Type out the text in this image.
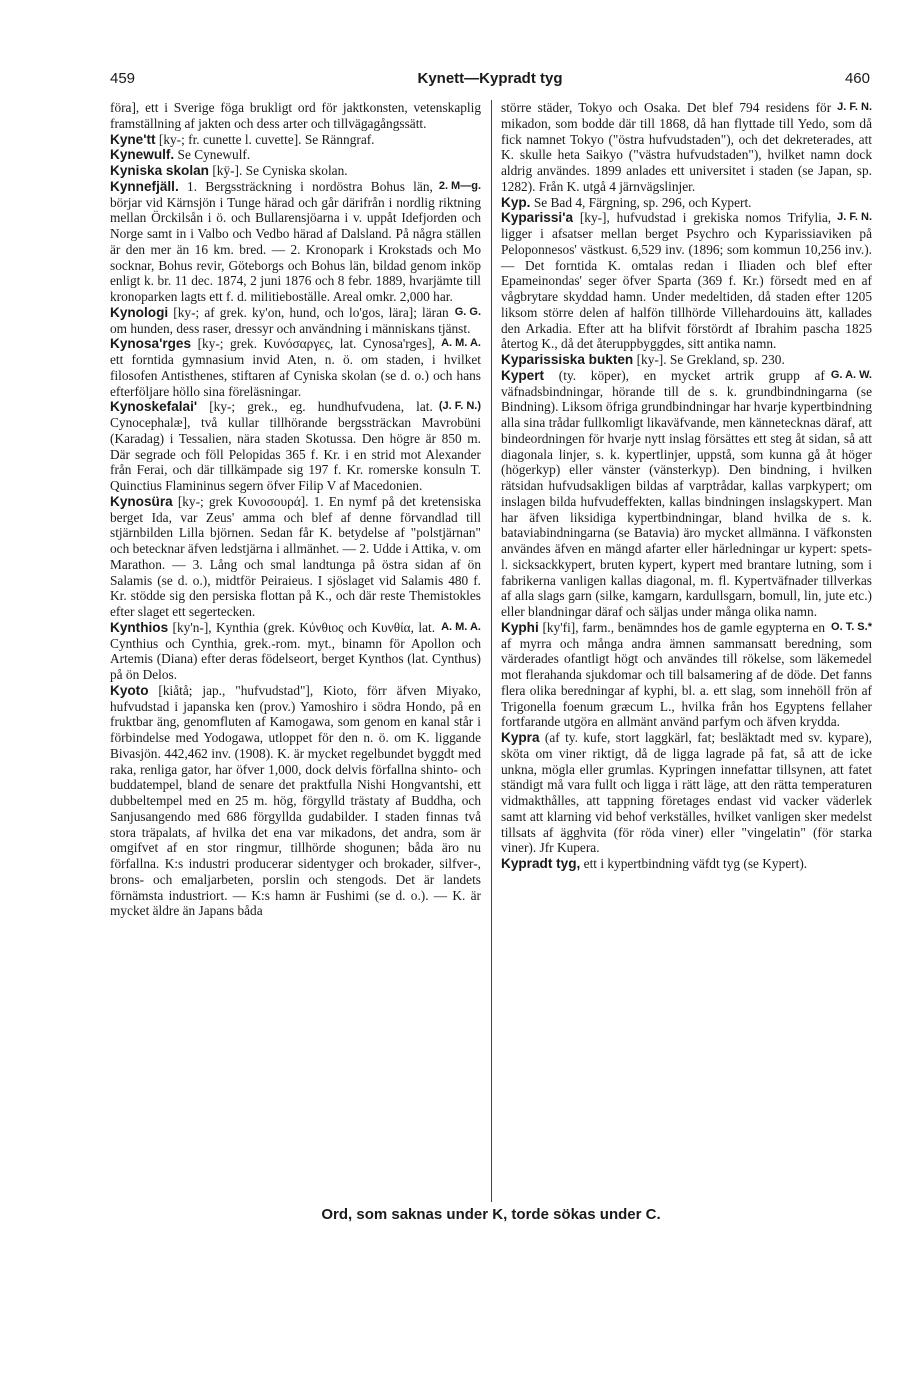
459	Kynett—Kypradt tyg	460

föra], ett i Sverige föga brukligt ord för jaktkonsten, vetenskaplig framställning af jakten och dess arter och tillvägagångssätt.

Kyne'tt [ky-; fr. cunette l. cuvette]. Se Ränngraf.

Kynewulf. Se Cynewulf.

Kyniska skolan [kÿ-]. Se Cyniska skolan.

2. M—g.
Kynnefjäll. 1. Bergssträckning i nordöstra Bohus län, börjar vid Kärnsjön i Tunge härad och går därifrån i nordlig riktning mellan Örckilsån i ö. och Bullarensjöarna i v. uppåt Idefjorden och Norge samt in i Valbo och Vedbo härad af Dalsland. På några ställen är den mer än 16 km. bred. — 2. Kronopark i Krokstads och Mo socknar, Bohus revir, Göteborgs och Bohus län, bildad genom inköp enligt k. br. 11 dec. 1874, 2 juni 1876 och 8 febr. 1889, hvarjämte till kronoparken lagts ett f. d. militieboställe. Areal omkr. 2,000 har.

G. G.
Kynologi [ky-; af grek. ky'on, hund, och lo'gos, lära]; läran om hunden, dess raser, dressyr och användning i människans tjänst.

A. M. A.
Kynosa'rges [ky-; grek. Κυνόσαργες, lat. Cynosa'rges], ett forntida gymnasium invid Aten, n. ö. om staden, i hvilket filosofen Antisthenes, stiftaren af Cyniska skolan (se d. o.) och hans efterföljare höllo sina föreläsningar.

(J. F. N.)
Kynoskefalai' [ky-; grek., eg. hundhufvudena, lat. Cynocephalæ], två kullar tillhörande bergssträckan Mavrobüni (Karadag) i Tessalien, nära staden Skotussa. Den högre är 850 m. Där segrade och föll Pelopidas 365 f. Kr. i en strid mot Alexander från Ferai, och där tillkämpade sig 197 f. Kr. romerske konsuln T. Quinctius Flamininus segern öfver Filip V af Macedonien.

Kynosüra [ky-; grek Κυνοσουρά]. 1. En nymf på det kretensiska berget Ida, var Zeus' amma och blef af denne förvandlad till stjärnbilden Lilla björnen. Sedan får K. betydelse af "polstjärnan" och betecknar äfven ledstjärna i allmänhet. — 2. Udde i Attika, v. om Marathon. — 3. Lång och smal landtunga på östra sidan af ön Salamis (se d. o.), midtför Peiraieus. I sjöslaget vid Salamis 480 f. Kr. stödde sig den persiska flottan på K., och där reste Themistokles efter slaget ett segertecken.

A. M. A.
Kynthios [ky'n-], Kynthia (grek. Κύνθιος och Κυνθία, lat. Cynthius och Cynthia, grek.-rom. myt., binamn för Apollon och Artemis (Diana) efter deras födelseort, berget Kynthos (lat. Cynthus) på ön Delos.

Kyoto [kiåtå; jap., "hufvudstad"], Kioto, förr äfven Miyako, hufvudstad i japanska ken (prov.) Yamoshiro i södra Hondo, på en fruktbar äng, genomfluten af Kamogawa, som genom en kanal står i förbindelse med Yodogawa, utloppet för den n. ö. om K. liggande Bivasjön. 442,462 inv. (1908). K. är mycket regelbundet byggdt med raka, renliga gator, har öfver 1,000, dock delvis förfallna shinto- och buddatempel, bland de senare det praktfulla Nishi Hongvantshi, ett dubbeltempel med en 25 m. hög, förgylld trästaty af Buddha, och Sanjusangendo med 686 förgyllda gudabilder. I staden finnas två stora träpalats, af hvilka det ena var mikadons, det andra, som är omgifvet af en stor ringmur, tillhörde shogunen; båda äro nu förfallna. K:s industri producerar sidentyger och brokader, silfver-, brons- och emaljarbeten, porslin och stengods. Det är landets förnämsta industriort. — K:s hamn är Fushimi (se d. o.). — K. är mycket äldre än Japans båda

J. F. N.
större städer, Tokyo och Osaka. Det blef 794 residens för mikadon, som bodde där till 1868, då han flyttade till Yedo, som då fick namnet Tokyo ("östra hufvudstaden"), och det dekreterades, att K. skulle heta Saikyo ("västra hufvudstaden"), hvilket namn dock aldrig användes. 1899 anlades ett universitet i staden (se Japan, sp. 1282). Från K. utgå 4 järnvägslinjer.

Kyp. Se Bad 4, Färgning, sp. 296, och Kypert.

J. F. N.
Kyparissi'a [ky-], hufvudstad i grekiska nomos Trifylia, ligger i afsatser mellan berget Psychro och Kyparissiaviken på Peloponnesos' västkust. 6,529 inv. (1896; som kommun 10,256 inv.). — Det forntida K. omtalas redan i Iliaden och blef efter Epameinondas' seger öfver Sparta (369 f. Kr.) försedt med en af vågbrytare skyddad hamn. Under medeltiden, då staden efter 1205 liksom större delen af halfön tillhörde Villehardouins ätt, kallades den Arkadia. Efter att ha blifvit förstördt af Ibrahim pascha 1825 återtog K., då det återuppbyggdes, sitt antika namn.

Kyparissiska bukten [ky-]. Se Grekland, sp. 230.

G. A. W.
Kypert (ty. köper), en mycket artrik grupp af väfnadsbindningar, hörande till de s. k. grundbindningarna (se Bindning). Liksom öfriga grundbindningar har hvarje kypertbindning alla sina trådar fullkomligt likaväfvande, men kännetecknas däraf, att bindeordningen för hvarje nytt inslag försättes ett steg åt sidan, så att diagonala linjer, s. k. kypertlinjer, uppstå, som kunna gå åt höger (högerkyp) eller vänster (vänsterkyp). Den bindning, i hvilken rätsidan hufvudsakligen bildas af varptrådar, kallas varpkypert; om inslagen bilda hufvudeffekten, kallas bindningen inslagskypert. Man har äfven liksidiga kypertbindningar, bland hvilka de s. k. bataviabindningarna (se Batavia) äro mycket allmänna. I väfkonsten användes äfven en mängd afarter eller härledningar ur kypert: spets- l. sicksackkypert, bruten kypert, kypert med brantare lutning, som i fabrikerna vanligen kallas diagonal, m. fl. Kypertväfnader tillverkas af alla slags garn (silke, kamgarn, kardullsgarn, bomull, lin, jute etc.) eller blandningar däraf och säljas under många olika namn.

O. T. S.*
Kyphi [ky'fi], farm., benämndes hos de gamle egypterna en af myrra och många andra ämnen sammansatt beredning, som värderades ofantligt högt och användes till rökelse, som läkemedel mot flerahanda sjukdomar och till balsamering af de döde. Det fanns flera olika beredningar af kyphi, bl. a. ett slag, som innehöll frön af Trigonella foenum græcum L., hvilka från hos Egyptens fellaher fortfarande utgöra en allmänt använd parfym och äfven krydda.

Kypra (af ty. kufe, stort laggkärl, fat; besläktadt med sv. kypare), sköta om viner riktigt, då de ligga lagrade på fat, så att de icke unkna, mögla eller grumlas. Kypringen innefattar tillsynen, att fatet ständigt må vara fullt och ligga i rätt läge, att den rätta temperaturen vidmakthålles, att tappning företages endast vid vacker väderlek samt att klarning vid behof verkställes, hvilket vanligen sker medelst tillsats af ägghvita (för röda viner) eller "vingelatin" (för starka viner). Jfr Kupera.

Kypradt tyg, ett i kypertbindning väfdt tyg (se Kypert).

Ord, som saknas under K, torde sökas under C.
